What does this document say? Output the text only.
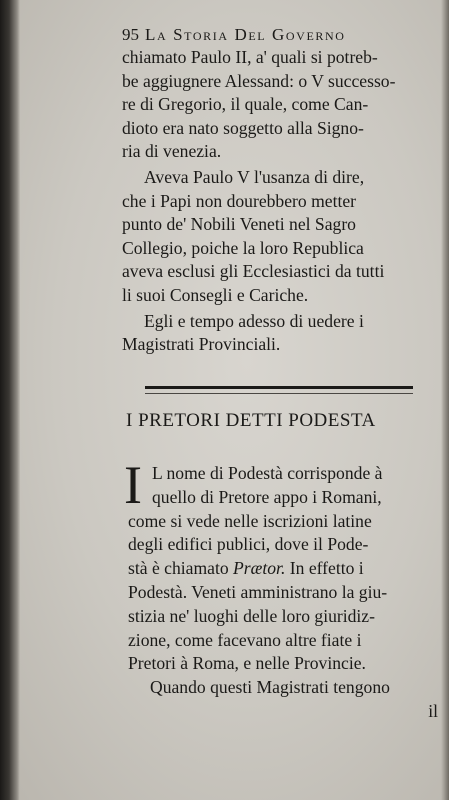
95 La Storia Del Governo
chiamato Paulo II, a' quali si potreb-
be aggiugnere Alessand: o V successo-
re di Gregorio, il quale, come Can-
dioto era nato soggetto alla Signo-
ria di venezia.
Aveva Paulo V l'usanza di dire,
che i Papi non dourebbero metter
punto de' Nobili Veneti nel Sagro
Collegio, poiche la loro Republica
aveva esclusi gli Ecclesiastici da tutti
li suoi Consegli e Cariche.
Egli e tempo adesso di uedere i
Magistrati Provinciali.
I PRETORI DETTI PODESTA
I L nome di Podestà corrisponde à
quello di Pretore appo i Romani,
come si vede nelle iscrizioni latine
degli edifici publici, dove il Pode-
stà è chiamato Prætor. In effetto i
Podestà. Veneti amministrano la giu-
stizia ne' luoghi delle loro giuridiz-
zione, come facevano altre fiate i
Pretori à Roma, e nelle Provincie.
Quando questi Magistrati tengono
il
